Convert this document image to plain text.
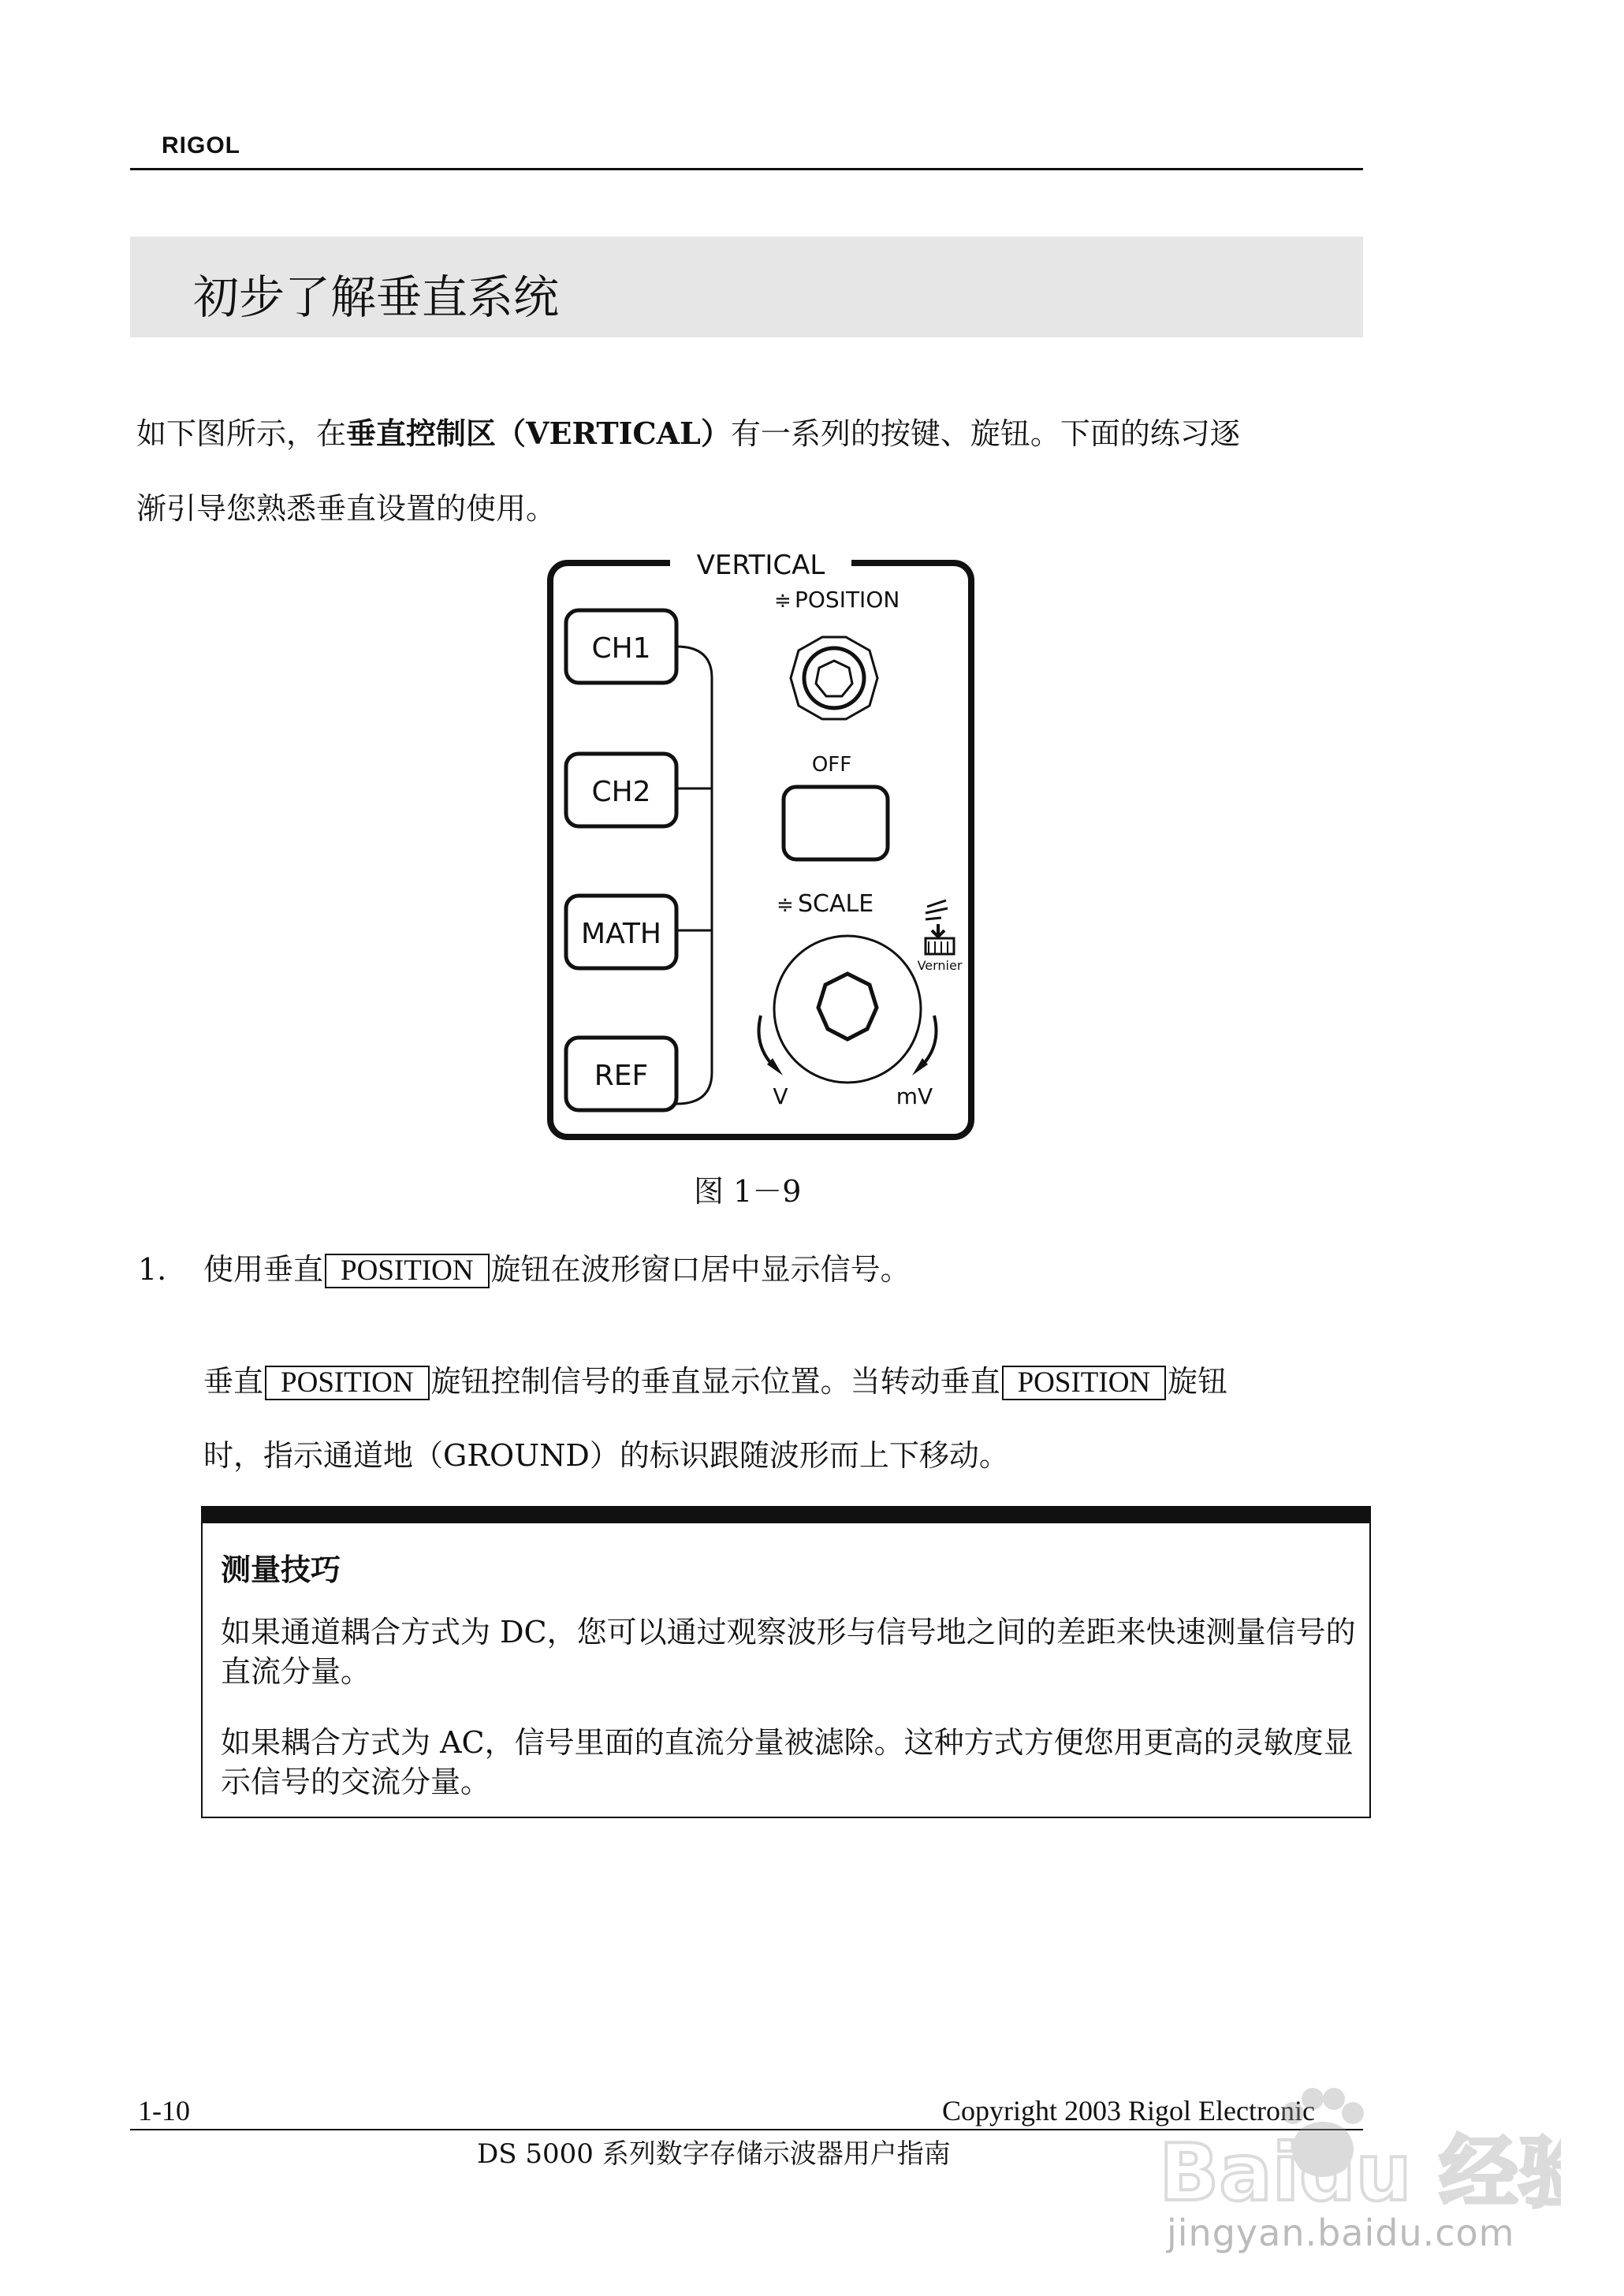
RIGOL
初步了解垂直系统
如下图所示，在垂直控制区（VERTICAL）有一系列的按键、旋钮。下面的练习逐
渐引导您熟悉垂直设置的使用。
VERTICAL
≑ POSITION
OFF
≑ SCALE
Vernier
V	mV
CH1
CH2
MATH
REF
图 1－9
1. 使用垂直 POSITION 旋钮在波形窗口居中显示信号。
垂直 POSITION 旋钮控制信号的垂直显示位置。当转动垂直 POSITION 旋钮
时，指示通道地（GROUND）的标识跟随波形而上下移动。
测量技巧
如果通道耦合方式为 DC，您可以通过观察波形与信号地之间的差距来快速测量信号的直流分量。
如果耦合方式为 AC，信号里面的直流分量被滤除。这种方式方便您用更高的灵敏度显示信号的交流分量。
1-10	Copyright 2003 Rigol Electronic
DS 5000 系列数字存储示波器用户指南	Baidu 经验
jingyan.baidu.com
